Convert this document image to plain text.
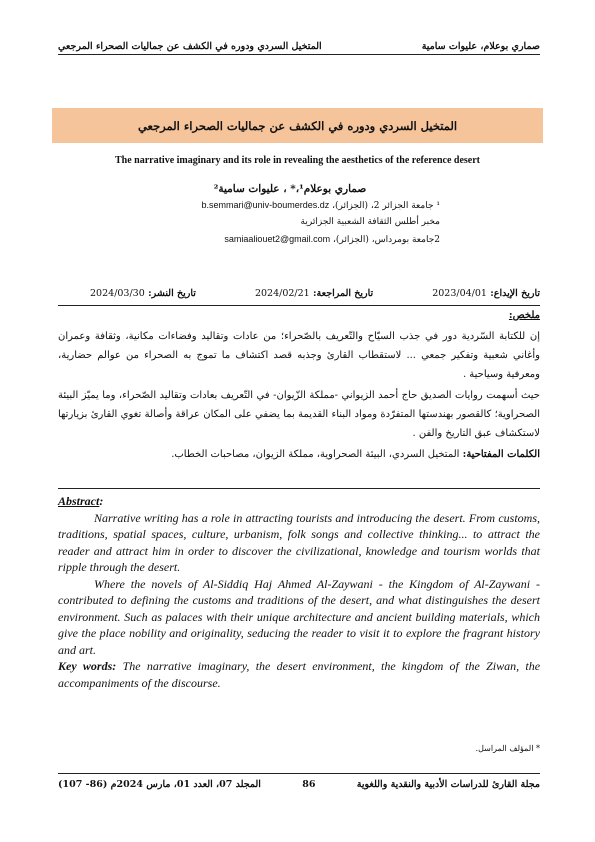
المتخيل السردي ودوره في الكشف عن جماليات الصحراء المرجعي	صماري بوعلام، عليوات سامية
المتخيل السردي ودوره في الكشف عن جماليات الصحراء المرجعي
The narrative imaginary and its role in revealing the aesthetics of the reference desert
صماري بوعلام¹،* ، عليوات سامية²
¹ جامعة الجزائر 2، (الجزائر)، b.semmari@univ-boumerdes.dz
مخبر أطلس الثقافة الشعبية الجزائرية
2جامعة بومرداس، (الجزائر)، samiaaliouet2@gmail.com
تاريخ الإيداع: 2023/04/01
تاريخ المراجعة: 2024/02/21
تاريخ النشر: 2024/03/30
ملخص:

إن للكتابة السّردية دور في جذب السيّاح والتّعريف بالصّحراء؛ من عادات وتقاليد وفضاءات مكانية، وثقافة وعمران وأغاني شعبية وتفكير جمعي ... لاستقطاب القارئ وجذبه قصد اكتشاف ما تموج به الصحراء من عوالم حضارية، ومعرفية وسياحية .

حيث أسهمت روايات الصديق حاج أحمد الزيواني -مملكة الزّيوان- في التّعريف بعادات وتقاليد الصّحراء، وما يميّز البيئة الصحراوية؛ كالقصور بهندستها المتفرّدة ومواد البناء القديمة بما يضفي على المكان عراقة وأصالة تغوي القارئ بزيارتها لاستكشاف عبق التاريخ والفن .

الكلمات المفتاحية: المتخيل السردي، البيئة الصحراوية، مملكة الزيوان، مصاحبات الخطاب.

Abstract:

Narrative writing has a role in attracting tourists and introducing the desert. From customs, traditions, spatial spaces, culture, urbanism, folk songs and collective thinking... to attract the reader and attract him in order to discover the civilizational, knowledge and tourism worlds that ripple through the desert.

Where the novels of Al-Siddiq Haj Ahmed Al-Zaywani - the Kingdom of Al-Zaywani - contributed to defining the customs and traditions of the desert, and what distinguishes the desert environment. Such as palaces with their unique architecture and ancient building materials, which give the place nobility and originality, seducing the reader to visit it to explore the fragrant history and art.

Key words: The narrative imaginary, the desert environment, the kingdom of the Ziwan, the accompaniments of the discourse.

* المؤلف المراسل.
مجلة القارئ للدراسات الأدبية والنقدية واللغوية
86
المجلد 07، العدد 01، مارس 2024م (86- 107)
